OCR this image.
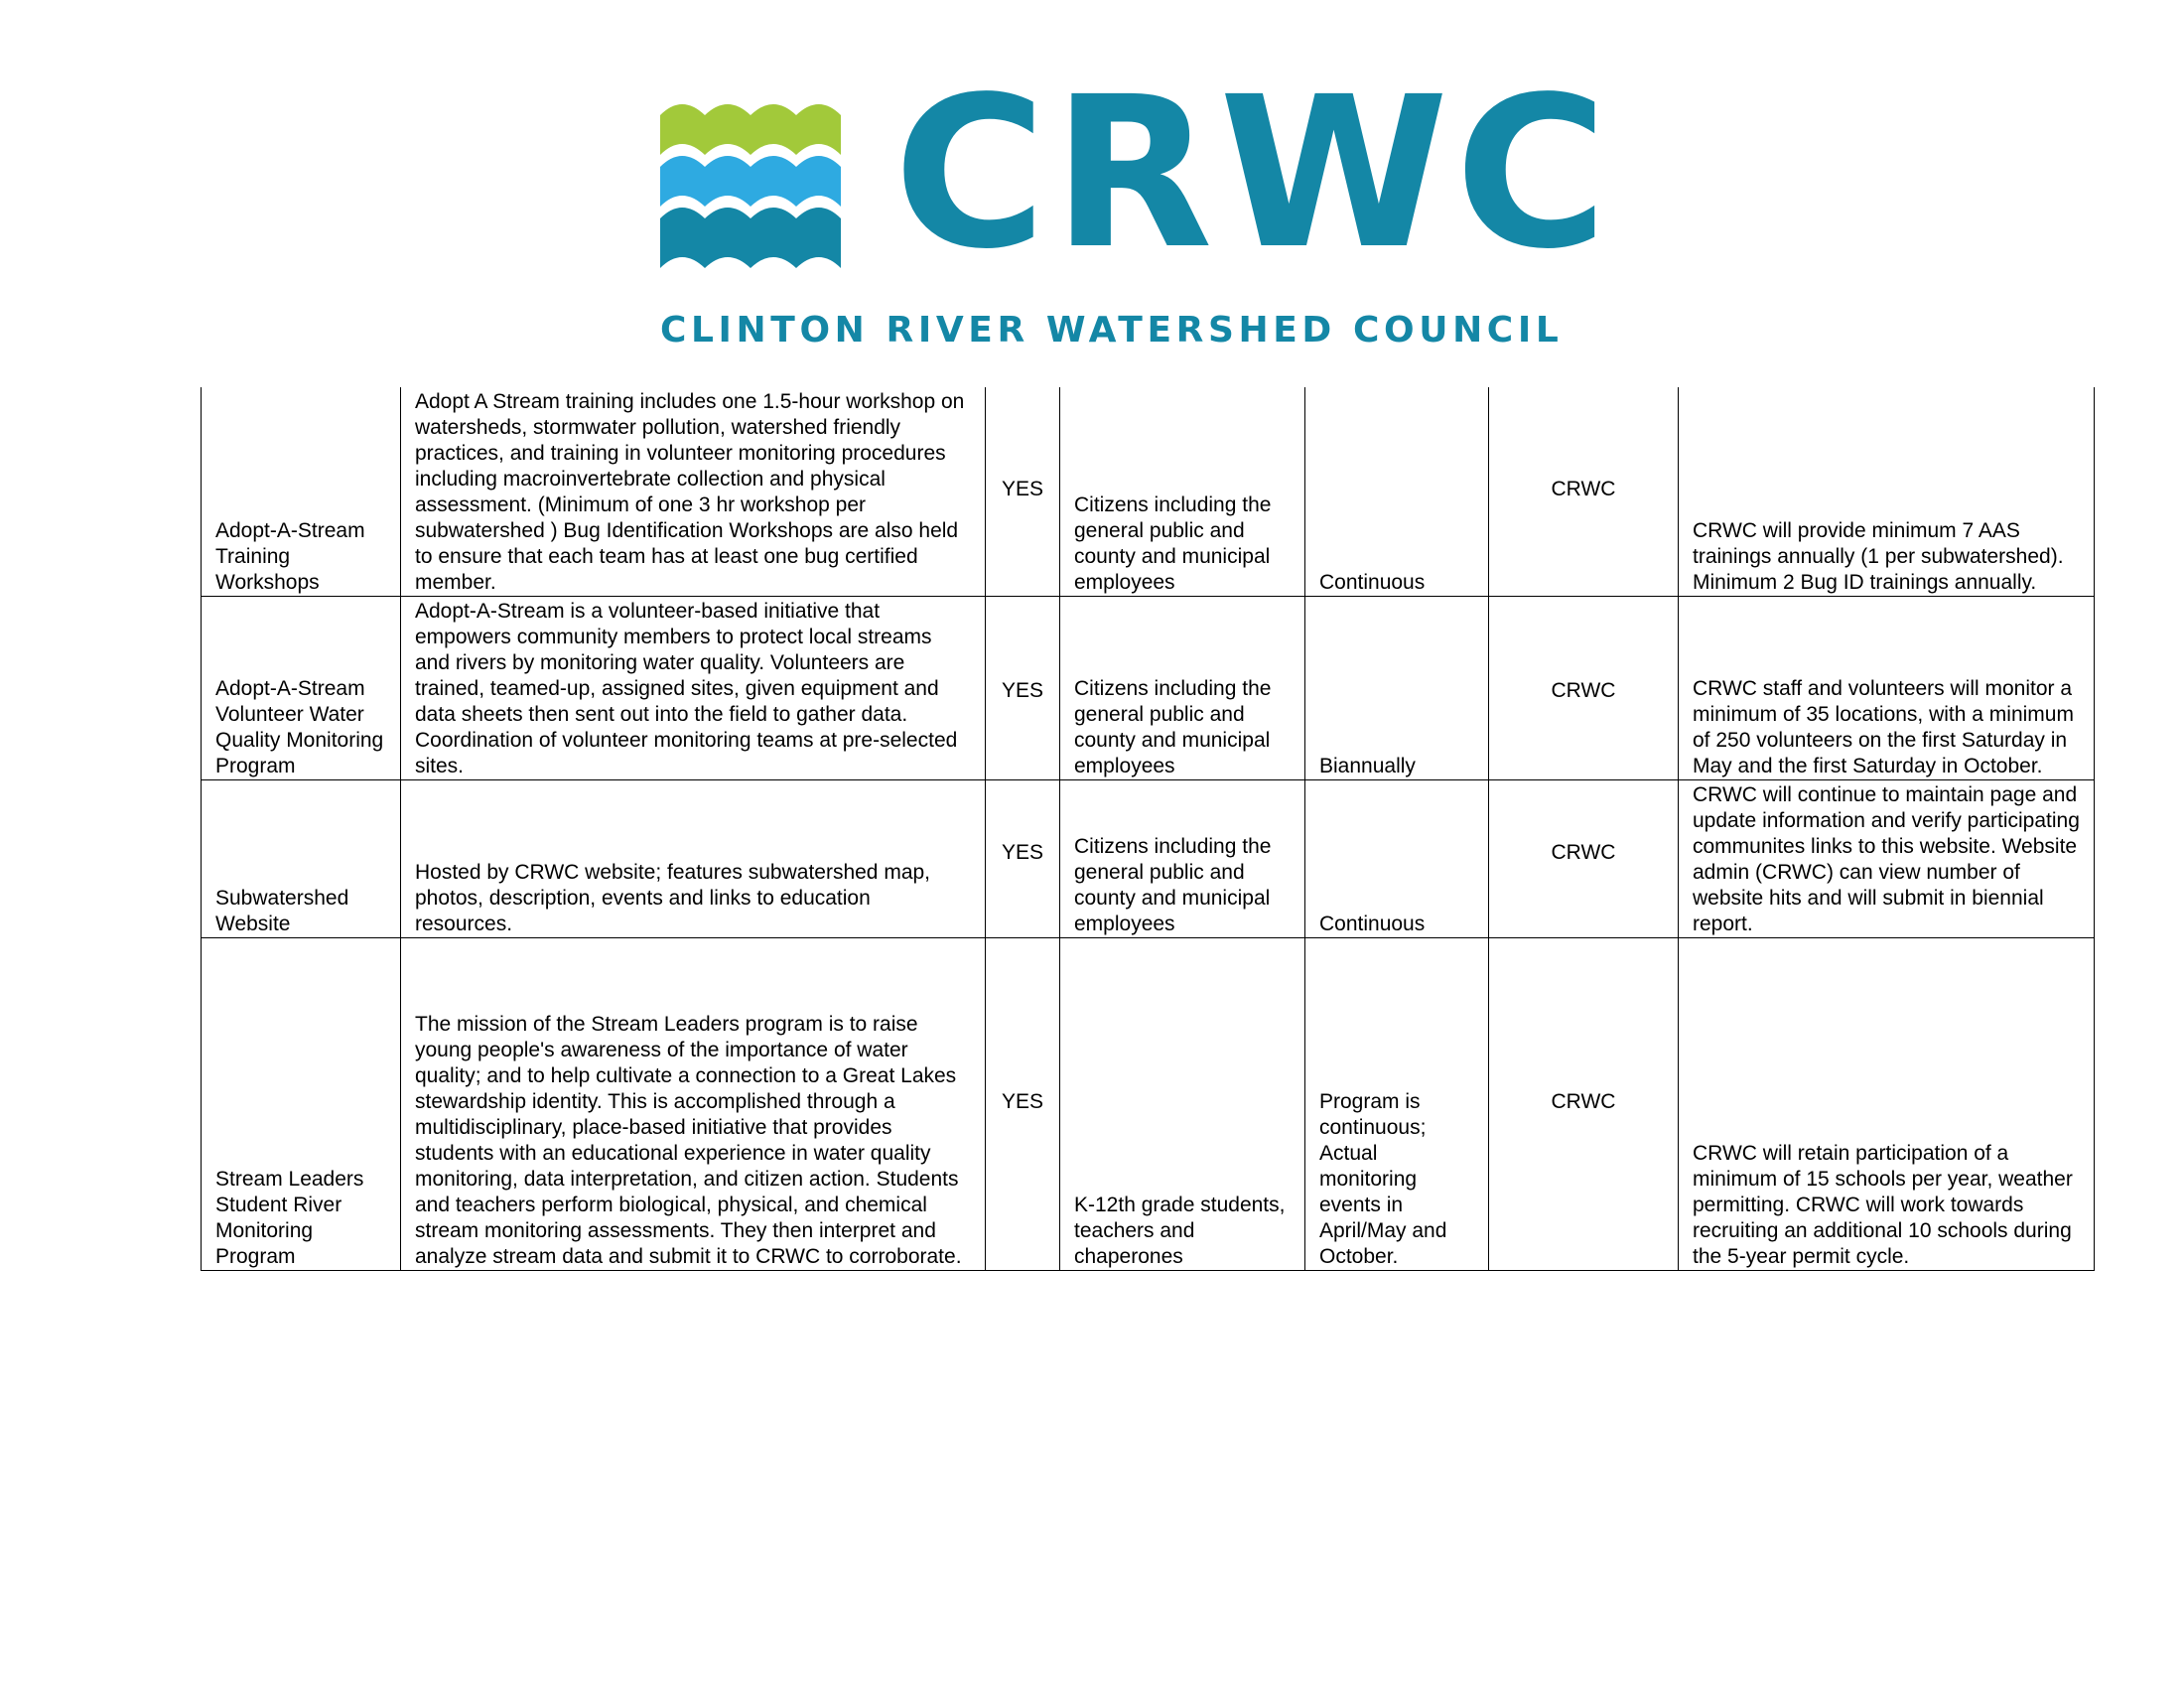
CRWC
CLINTON RIVER WATERSHED COUNCIL
Adopt-A-Stream Training Workshops	Adopt A Stream training includes one 1.5-hour workshop on watersheds, stormwater pollution, watershed friendly practices, and training in volunteer monitoring procedures including macroinvertebrate collection and physical assessment. (Minimum of one 3 hr workshop per subwatershed ) Bug Identification Workshops are also held to ensure that each team has at least one bug certified member.	YES	Citizens including the general public and county and municipal employees	Continuous	CRWC	CRWC will provide minimum 7 AAS trainings annually (1 per subwatershed). Minimum 2 Bug ID trainings annually.

Adopt-A-Stream Volunteer Water Quality Monitoring Program	Adopt-A-Stream is a volunteer-based initiative that empowers community members to protect local streams and rivers by monitoring water quality. Volunteers are trained, teamed-up, assigned sites, given equipment and data sheets then sent out into the field to gather data. Coordination of volunteer monitoring teams at pre-selected sites.	YES	Citizens including the general public and county and municipal employees	Biannually	CRWC	CRWC staff and volunteers will monitor a minimum of 35 locations, with a minimum of 250 volunteers on the first Saturday in May and the first Saturday in October.

Subwatershed Website	Hosted by CRWC website; features subwatershed map, photos, description, events and links to education resources.	YES	Citizens including the general public and county and municipal employees	Continuous	CRWC	CRWC will continue to maintain page and update information and verify participating communites links to this website. Website admin (CRWC) can view number of website hits and will submit in biennial report.

Stream Leaders Student River Monitoring Program	The mission of the Stream Leaders program is to raise young people's awareness of the importance of water quality; and to help cultivate a connection to a Great Lakes stewardship identity. This is accomplished through a multidisciplinary, place-based initiative that provides students with an educational experience in water quality monitoring, data interpretation, and citizen action. Students and teachers perform biological, physical, and chemical stream monitoring assessments. They then interpret and analyze stream data and submit it to CRWC to corroborate.	YES	K-12th grade students, teachers and chaperones	Program is continuous; Actual monitoring events in April/May and October.	CRWC	CRWC will retain participation of a minimum of 15 schools per year, weather permitting. CRWC will work towards recruiting an additional 10 schools during the 5-year permit cycle.
